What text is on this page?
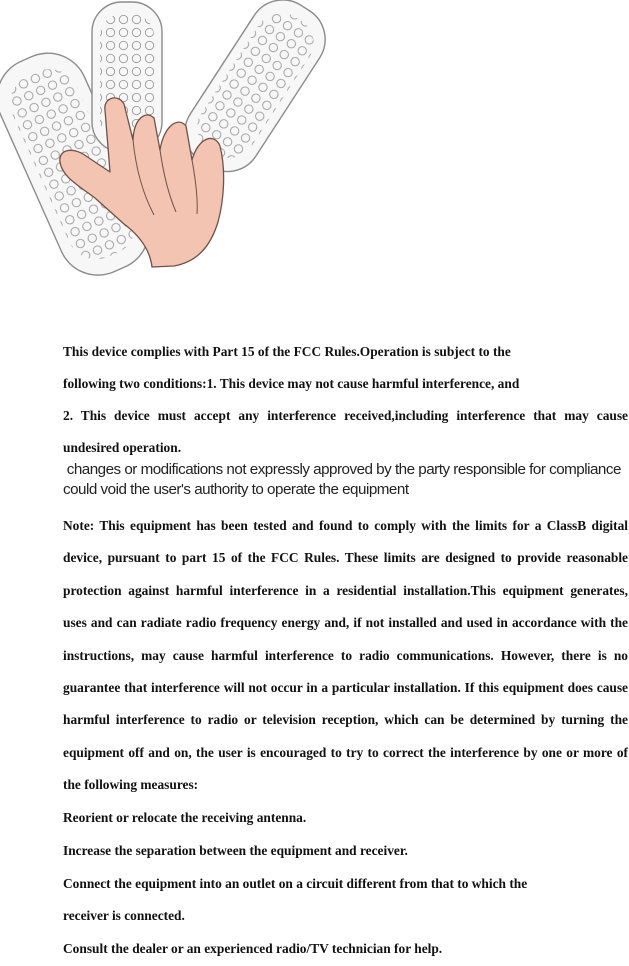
This device complies with Part 15 of the FCC Rules.Operation is subject to the
following two conditions:1. This device may not cause harmful interference, and
2. This device must accept any interference received,including interference that may cause
undesired operation.
changes or modifications not expressly approved by the party responsible for compliance
could void the user's authority to operate the equipment
Note: This equipment has been tested and found to comply with the limits for a ClassB digital
device, pursuant to part 15 of the FCC Rules. These limits are designed to provide reasonable
protection against harmful interference in a residential installation.This equipment generates,
uses and can radiate radio frequency energy and, if not installed and used in accordance with the
instructions, may cause harmful interference to radio communications. However, there is no
guarantee that interference will not occur in a particular installation. If this equipment does cause
harmful interference to radio or television reception, which can be determined by turning the
equipment off and on, the user is encouraged to try to correct the interference by one or more of
the following measures:
Reorient or relocate the receiving antenna.
Increase the separation between the equipment and receiver.
Connect the equipment into an outlet on a circuit different from that to which the
receiver is connected.
Consult the dealer or an experienced radio/TV technician for help.
